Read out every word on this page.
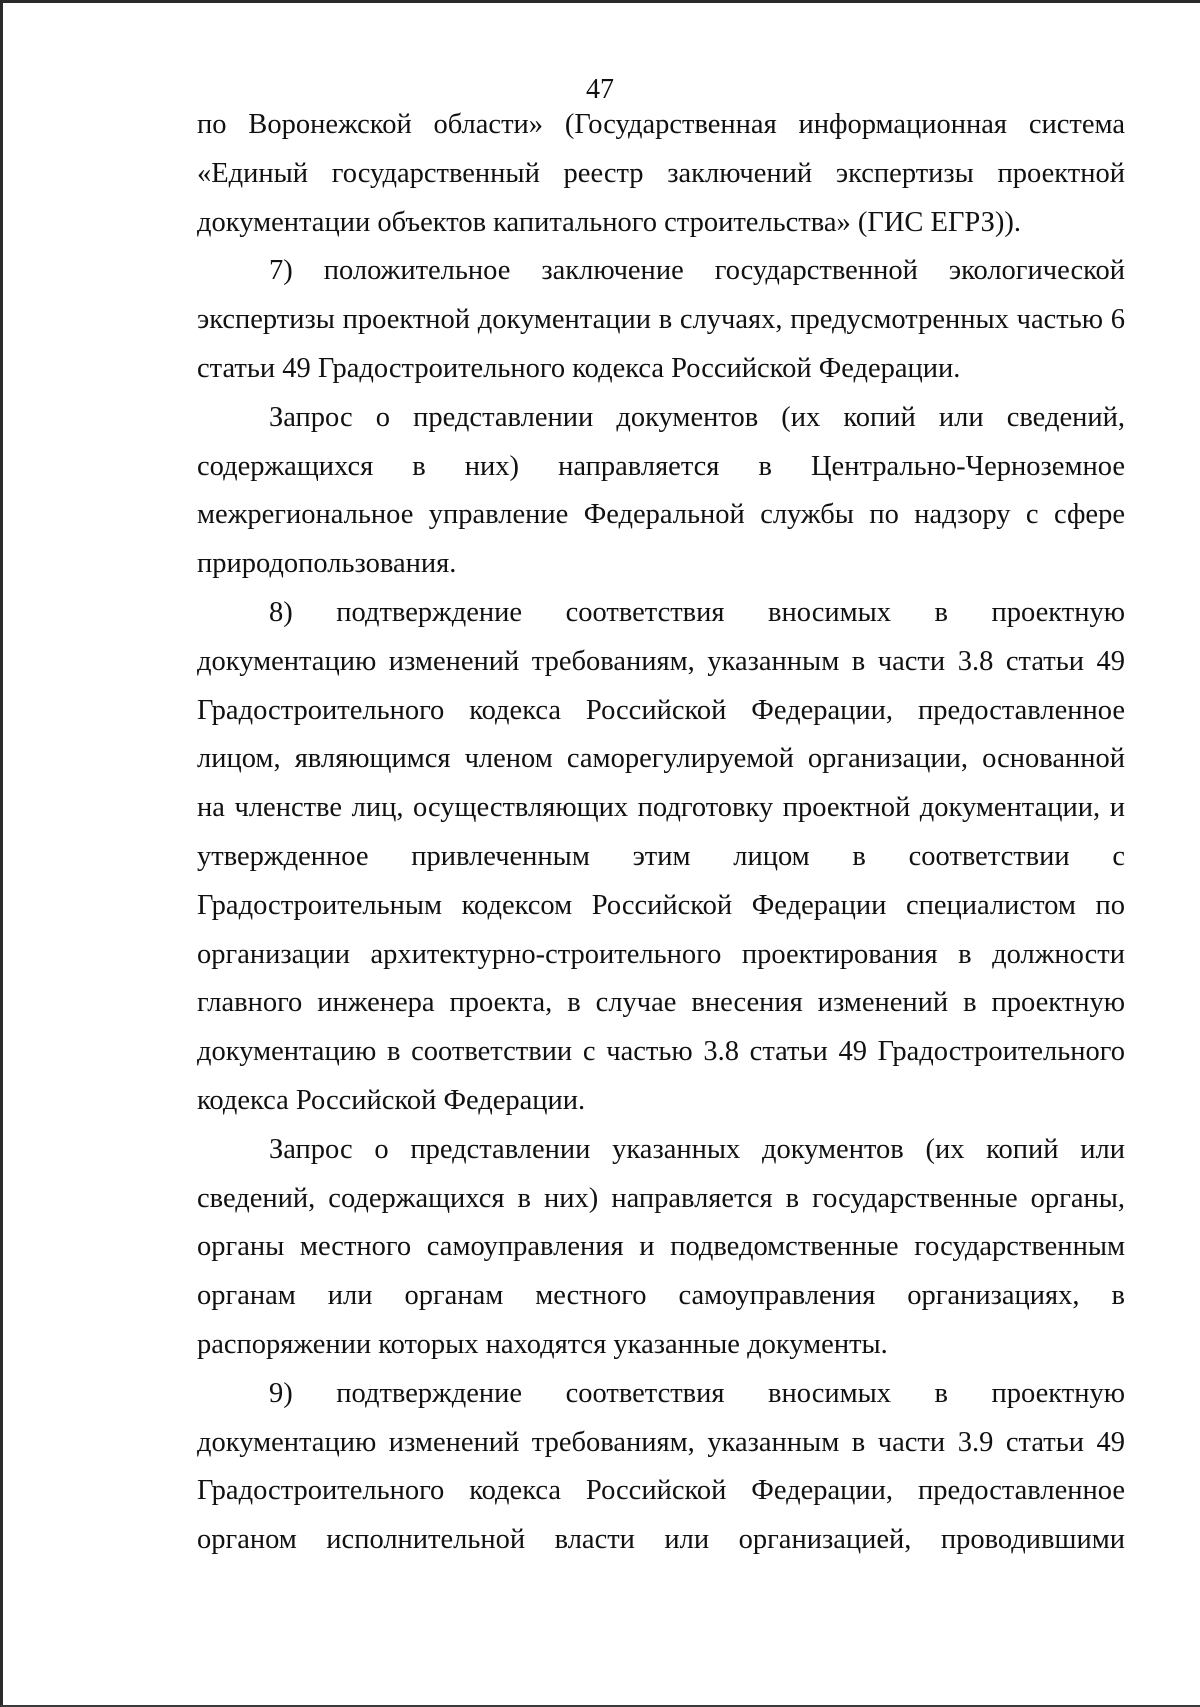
47

по Воронежской области» (Государственная информационная система «Единый государственный реестр заключений экспертизы проектной документации объектов капитального строительства» (ГИС ЕГРЗ)).

7) положительное заключение государственной экологической экспертизы проектной документации в случаях, предусмотренных частью 6 статьи 49 Градостроительного кодекса Российской Федерации.

Запрос о представлении документов (их копий или сведений, содержащихся в них) направляется в Центрально-Черноземное межрегиональное управление Федеральной службы по надзору с сфере природопользования.

8) подтверждение соответствия вносимых в проектную документацию изменений требованиям, указанным в части 3.8 статьи 49 Градостроительного кодекса Российской Федерации, предоставленное лицом, являющимся членом саморегулируемой организации, основанной на членстве лиц, осуществляющих подготовку проектной документации, и утвержденное привлеченным этим лицом в соответствии с Градостроительным кодексом Российской Федерации специалистом по организации архитектурно-строительного проектирования в должности главного инженера проекта, в случае внесения изменений в проектную документацию в соответствии с частью 3.8 статьи 49 Градостроительного кодекса Российской Федерации.

Запрос о представлении указанных документов (их копий или сведений, содержащихся в них) направляется в государственные органы, органы местного самоуправления и подведомственные государственным органам или органам местного самоуправления организациях, в распоряжении которых находятся указанные документы.

9) подтверждение соответствия вносимых в проектную документацию изменений требованиям, указанным в части 3.9 статьи 49 Градостроительного кодекса Российской Федерации, предоставленное органом исполнительной власти или организацией, проводившими
